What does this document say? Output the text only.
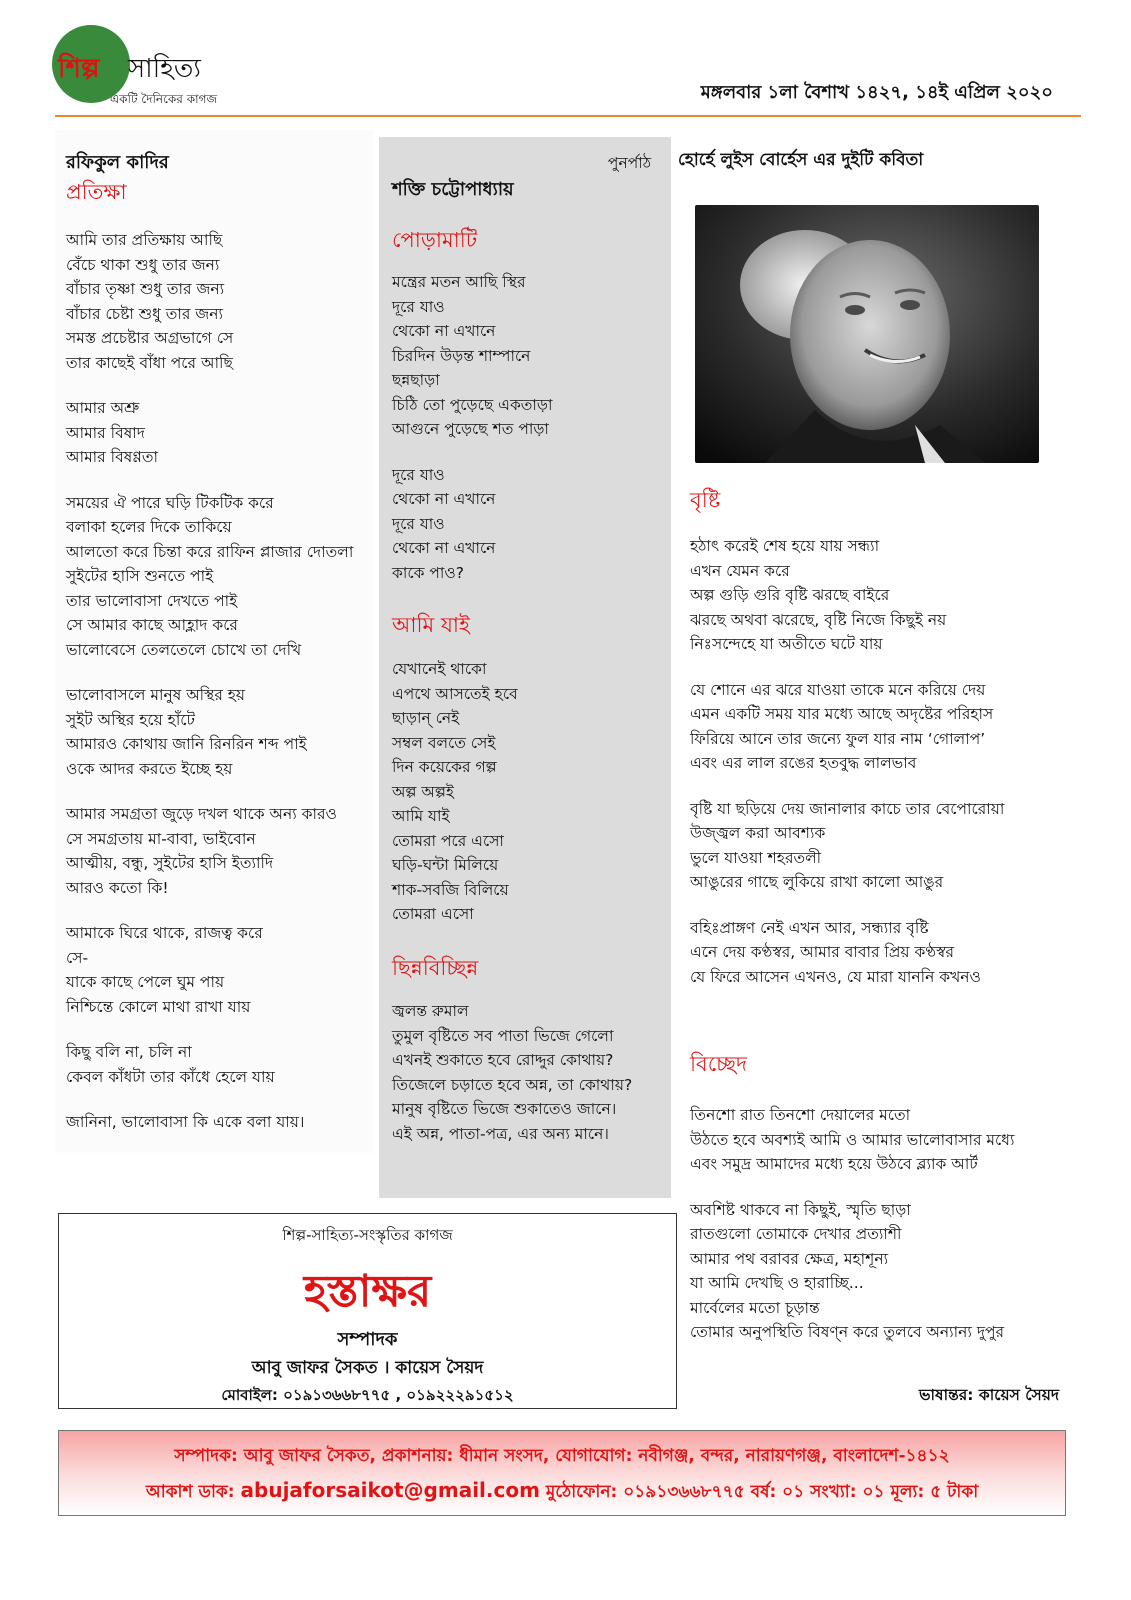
শিল্প সাহিত্য
একটি দৈনিকের কাগজ	মঙ্গলবার ১লা বৈশাখ ১৪২৭, ১৪ই এপ্রিল ২০২০
রফিকুল কাদির
প্রতিক্ষা
আমি তার প্রতিক্ষায় আছি
বেঁচে থাকা শুধু তার জন্য
বাঁচার তৃষ্ণা শুধু তার জন্য
বাঁচার চেষ্টা শুধু তার জন্য
সমস্ত প্রচেষ্টার অগ্রভাগে সে
তার কাছেই বাঁধা পরে আছি
আমার অশ্রু
আমার বিষাদ
আমার বিষণ্ণতা
সময়ের ঐ পারে ঘড়ি টিকটিক করে
বলাকা হলের দিকে তাকিয়ে
আলতো করে চিন্তা করে রাফিন প্লাজার দোতলা
সুইটের হাসি শুনতে পাই
তার ভালোবাসা দেখতে পাই
সে আমার কাছে আহ্লাদ করে
ভালোবেসে তেলতেলে চোখে তা দেখি
ভালোবাসলে মানুষ অস্থির হয়
সুইট অস্থির হয়ে হাঁটে
আমারও কোথায় জানি রিনরিন শব্দ পাই
ওকে আদর করতে ইচ্ছে হয়
আমার সমগ্রতা জুড়ে দখল থাকে অন্য কারও
সে সমগ্রতায় মা-বাবা, ভাইবোন
আত্মীয়, বন্ধু, সুইটের হাসি ইত্যাদি
আরও কতো কি!
আমাকে ঘিরে থাকে, রাজত্ব করে
সে-
যাকে কাছে পেলে ঘুম পায়
নিশ্চিন্তে কোলে মাথা রাখা যায়
কিছু বলি না, চলি না
কেবল কাঁধটা তার কাঁধে হেলে যায়
জানিনা, ভালোবাসা কি একে বলা যায়।
পুনর্পাঠ
শক্তি চট্টোপাধ্যায়
পোড়ামাটি
মন্ত্রের মতন আছি স্থির
দূরে যাও
থেকো না এখানে
চিরদিন উড়ন্ত শাম্পানে
ছন্নছাড়া
চিঠি তো পুড়েছে একতাড়া
আগুনে পুড়েছে শত পাড়া
দূরে যাও
থেকো না এখানে
দূরে যাও
থেকো না এখানে
কাকে পাও?
আমি যাই
যেখানেই থাকো
এপথে আসতেই হবে
ছাড়ান্ নেই
সম্বল বলতে সেই
দিন কয়েকের গল্প
অল্প অল্পই
আমি যাই
তোমরা পরে এসো
ঘড়ি-ঘন্টা মিলিয়ে
শাক-সবজি বিলিয়ে
তোমরা এসো
ছিন্নবিচ্ছিন্ন
জ্বলন্ত রুমাল
তুমুল বৃষ্টিতে সব পাতা ভিজে গেলো
এখনই শুকাতে হবে রোদ্দুর কোথায়?
তিজেলে চড়াতে হবে অন্ন, তা কোথায়?
মানুষ বৃষ্টিতে ভিজে শুকাতেও জানে।
এই অন্ন, পাতা-পত্র, এর অন্য মানে।
হোর্হে লুইস বোর্হেস এর দুইটি কবিতা
বৃষ্টি
হঠাৎ করেই শেষ হয়ে যায় সন্ধ্যা
এখন যেমন করে
অল্প গুড়ি গুরি বৃষ্টি ঝরছে বাইরে
ঝরছে অথবা ঝরেছে, বৃষ্টি নিজে কিছুই নয়
নিঃসন্দেহে যা অতীতে ঘটে যায়
যে শোনে এর ঝরে যাওয়া তাকে মনে করিয়ে দেয়
এমন একটি সময় যার মধ্যে আছে অদৃষ্টের পরিহাস
ফিরিয়ে আনে তার জন্যে ফুল যার নাম ‘গোলাপ’
এবং এর লাল রঙের হতবুদ্ধ লালভাব
বৃষ্টি যা ছড়িয়ে দেয় জানালার কাচে তার বেপোরোয়া
উজ্জ্বল করা আবশ্যক
ভুলে যাওয়া শহরতলী
আঙুরের গাছে লুকিয়ে রাখা কালো আঙুর
বহিঃপ্রাঙ্গণ নেই এখন আর, সন্ধ্যার বৃষ্টি
এনে দেয় কণ্ঠস্বর, আমার বাবার প্রিয় কণ্ঠস্বর
যে ফিরে আসেন এখনও, যে মারা যাননি কখনও
বিচ্ছেদ
তিনশো রাত তিনশো দেয়ালের মতো
উঠতে হবে অবশ্যই আমি ও আমার ভালোবাসার মধ্যে
এবং সমুদ্র আমাদের মধ্যে হয়ে উঠবে ব্ল্যাক আর্ট
অবশিষ্ট থাকবে না কিছুই, স্মৃতি ছাড়া
রাতগুলো তোমাকে দেখার প্রত্যাশী
আমার পথ বরাবর ক্ষেত্র, মহাশূন্য
যা আমি দেখছি ও হারাচ্ছি...
মার্বেলের মতো চূড়ান্ত
তোমার অনুপস্থিতি বিষণ্ন করে তুলবে অন্যান্য দুপুর
ভাষান্তর: কায়েস সৈয়দ
শিল্প-সাহিত্য-সংস্কৃতির কাগজ
হস্তাক্ষর
সম্পাদক
আবু জাফর সৈকত । কায়েস সৈয়দ
মোবাইল: ০১৯১৩৬৬৮৭৭৫ , ০১৯২২২৯১৫১২
সম্পাদক: আবু জাফর সৈকত, প্রকাশনায়: ধীমান সংসদ, যোগাযোগ: নবীগঞ্জ, বন্দর, নারায়ণগঞ্জ, বাংলাদেশ-১৪১২
আকাশ ডাক: abujaforsaikot@gmail.com মুঠোফোন: ০১৯১৩৬৬৮৭৭৫ বর্ষ: ০১ সংখ্যা: ০১ মূল্য: ৫ টাকা
